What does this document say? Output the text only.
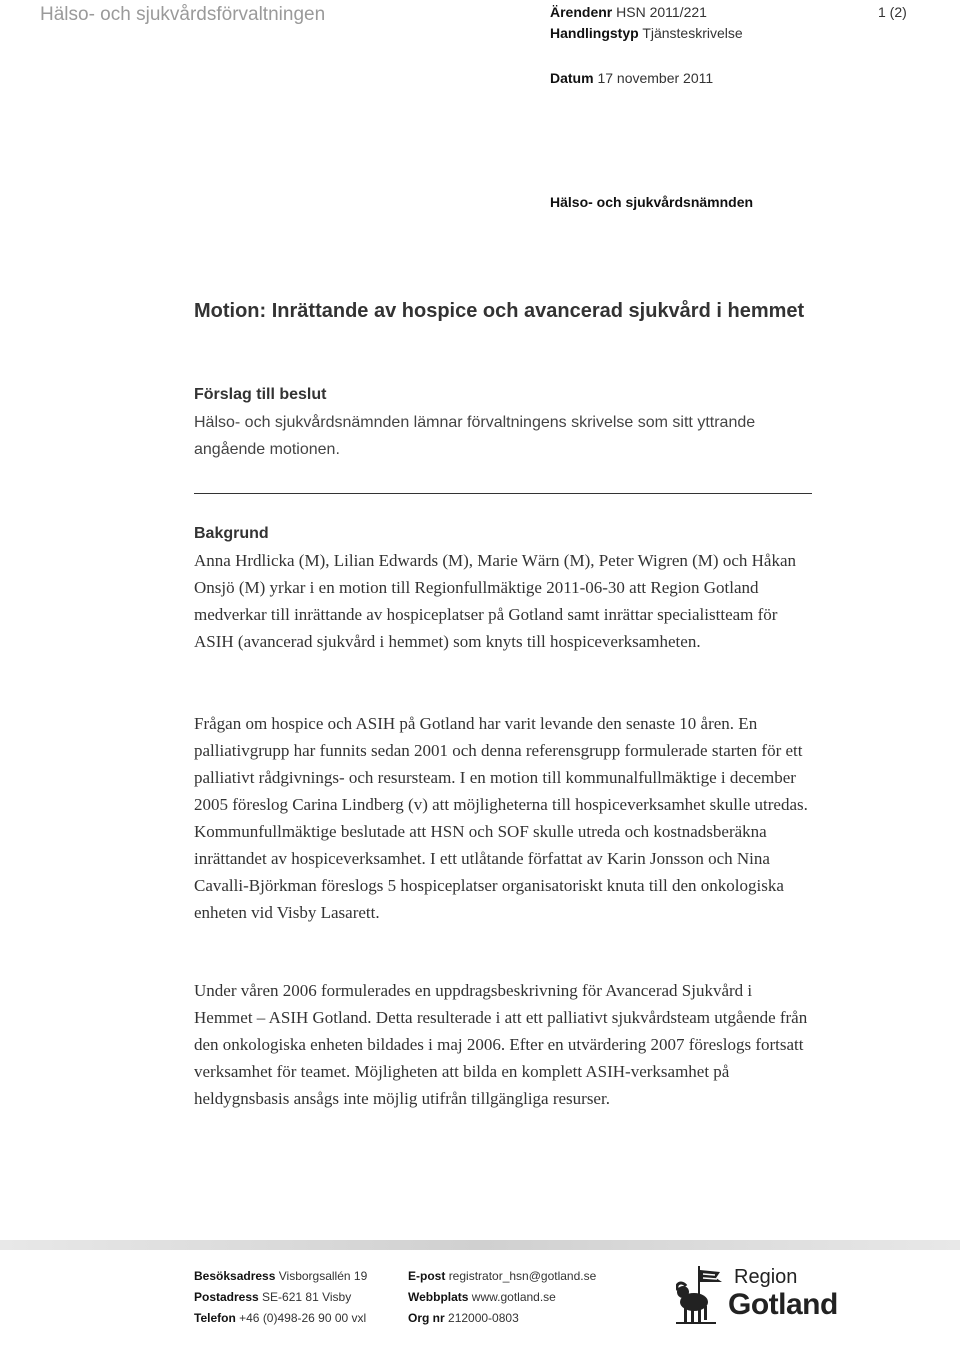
Hälso- och sjukvårdsförvaltningen	Ärendenr HSN 2011/221
Handlingstyp Tjänsteskrivelse
Datum 17 november 2011
1 (2)
Hälso- och sjukvårdsnämnden
Motion: Inrättande av hospice och avancerad sjukvård i hemmet
Förslag till beslut
Hälso- och sjukvårdsnämnden lämnar förvaltningens skrivelse som sitt yttrande angående motionen.
Bakgrund
Anna Hrdlicka (M), Lilian Edwards (M), Marie Wärn (M), Peter Wigren (M) och Håkan Onsjö (M) yrkar i en motion till Regionfullmäktige 2011-06-30 att Region Gotland medverkar till inrättande av hospiceplatser på Gotland samt inrättar specialistteam för ASIH (avancerad sjukvård i hemmet) som knyts till hospiceverksamheten.
Frågan om hospice och ASIH på Gotland har varit levande den senaste 10 åren. En palliativgrupp har funnits sedan 2001 och denna referensgrupp formulerade starten för ett palliativt rådgivnings- och resursteam. I en motion till kommunalfullmäktige i december 2005 föreslog Carina Lindberg (v) att möjligheterna till hospiceverksamhet skulle utredas. Kommunfullmäktige beslutade att HSN och SOF skulle utreda och kostnadsberäkna inrättandet av hospiceverksamhet. I ett utlåtande författat av Karin Jonsson och Nina Cavalli-Björkman föreslogs 5 hospiceplatser organisatoriskt knuta till den onkologiska enheten vid Visby Lasarett.
Under våren 2006 formulerades en uppdragsbeskrivning för Avancerad Sjukvård i Hemmet – ASIH Gotland. Detta resulterade i att ett palliativt sjukvårdsteam utgående från den onkologiska enheten bildades i maj 2006. Efter en utvärdering 2007 föreslogs fortsatt verksamhet för teamet. Möjligheten att bilda en komplett ASIH-verksamhet på heldygnsbasis ansågs inte möjlig utifrån tillgängliga resurser.
Besöksadress Visborgsallén 19
Postadress SE-621 81 Visby
Telefon +46 (0)498-26 90 00 vxl
E-post registrator_hsn@gotland.se
Webbplats www.gotland.se
Org nr 212000-0803
Region
Gotland
